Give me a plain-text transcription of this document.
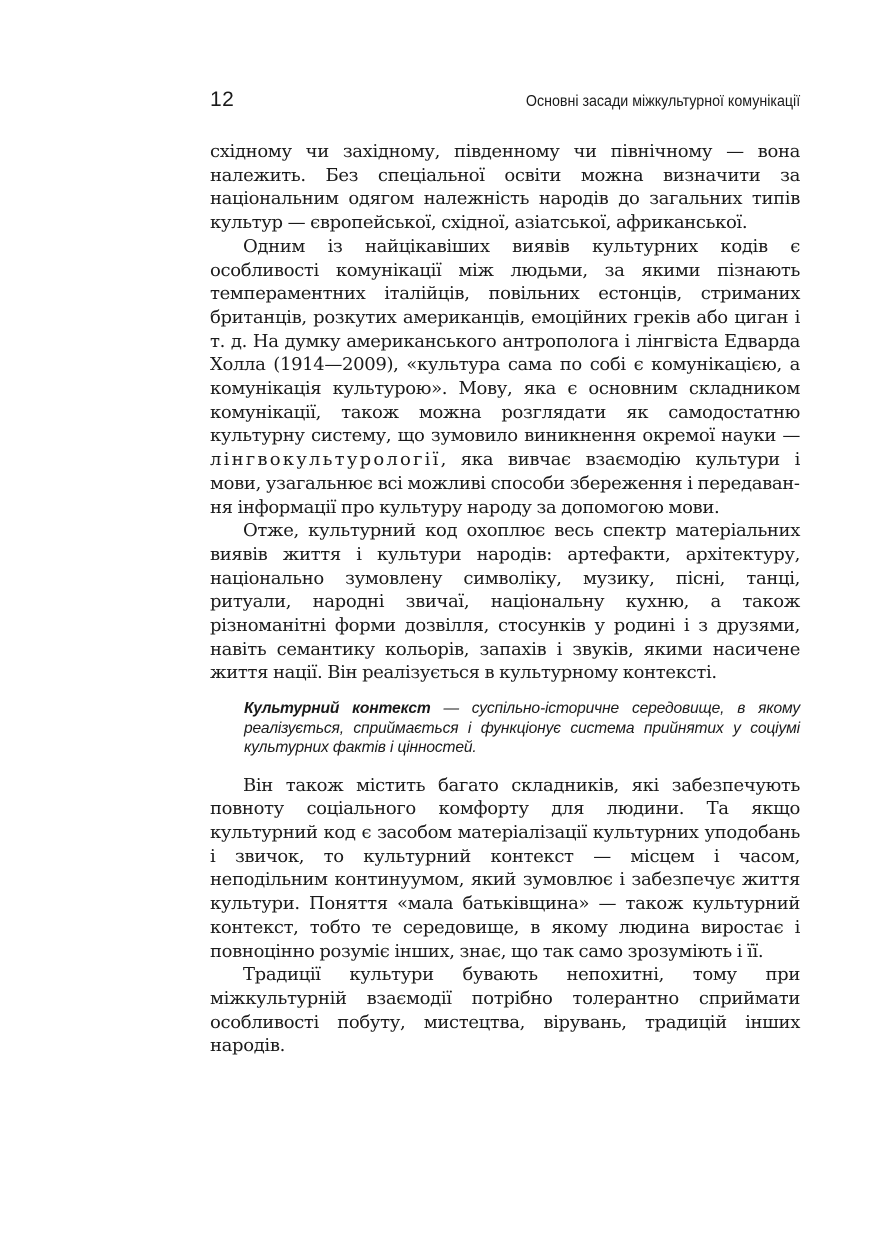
12	Основні засади міжкультурної комунікації

східному чи західному, південному чи північному — вона належить. Без спеціальної освіти можна визначити за національним одягом належність народів до загальних типів культур — європейської, східної, азіатської, африканської.

Одним із найцікавіших виявів культурних кодів є особливості комунікації між людьми, за якими пізнають темпераментних італійців, повільних естонців, стриманих британців, розкутих американців, емоційних греків або циган і т. д. На думку американського антрополога і лінгвіста Едварда Холла (1914—2009), «культура сама по собі є комунікацією, а комунікація культурою». Мову, яка є основним складником комунікації, також можна розглядати як самодостатню культурну систему, що зумовило виникнення окремої науки — лінгвокультурології, яка вивчає взаємодію культури і мови, узагальнює всі можливі способи збереження і передавання інформації про культуру народу за допомогою мови.

Отже, культурний код охоплює весь спектр матеріальних виявів життя і культури народів: артефакти, архітектуру, національно зумовлену символіку, музику, пісні, танці, ритуали, народні звичаї, національну кухню, а також різноманітні форми дозвілля, стосунків у родині і з друзями, навіть семантику кольорів, запахів і звуків, якими насичене життя нації. Він реалізується в культурному контексті.

Культурний контекст — суспільно-історичне середовище, в якому реалізується, сприймається і функціонує система прийнятих у соціумі культурних фактів і цінностей.

Він також містить багато складників, які забезпечують повноту соціального комфорту для людини. Та якщо культурний код є засобом матеріалізації культурних уподобань і звичок, то культурний контекст — місцем і часом, неподільним континуумом, який зумовлює і забезпечує життя культури. Поняття «мала батьківщина» — також культурний контекст, тобто те середовище, в якому людина виростає і повноцінно розуміє інших, знає, що так само зрозуміють і її.

Традиції культури бувають непохитні, тому при міжкультурній взаємодії потрібно толерантно сприймати особливості побуту, мистецтва, вірувань, традицій інших народів.
